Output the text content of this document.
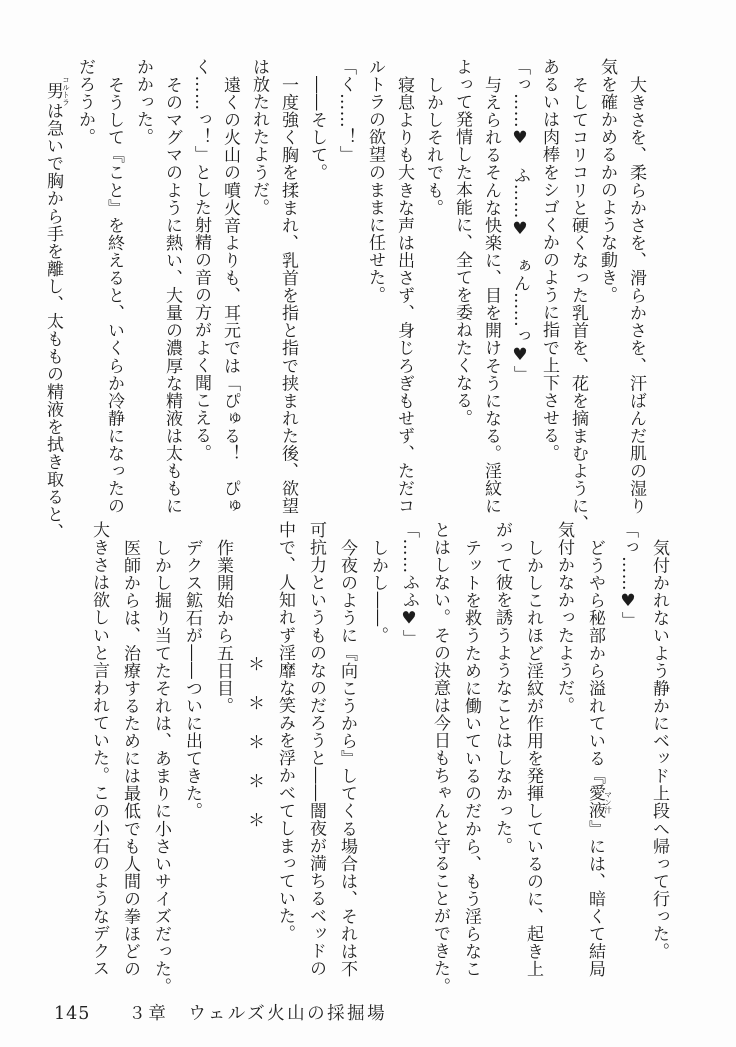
大きさを、柔らかさを、滑らかさを、汗ばんだ肌の湿り

気を確かめるかのような動き。

そしてコリコリと硬くなった乳首を、花を摘まむように、

あるいは肉棒をシゴくかのように指で上下させる。

「っ……♥　ふ……♥　ぁん……っ♥」

与えられるそんな快楽に、目を開けそうになる。淫紋に

よって発情した本能に、全てを委ねたくなる。

しかしそれでも。

寝息よりも大きな声は出さず、身じろぎもせず、ただコ

ルトラの欲望のままに任せた。

「く……！」

――そして。

一度強く胸を揉まれ、乳首を指と指で挟まれた後、欲望

は放たれたようだ。

遠くの火山の噴火音よりも、耳元では「ぴゅる！　ぴゅ

く……っ！」とした射精の音の方がよく聞こえる。

そのマグマのように熱い、大量の濃厚な精液は太ももに

かかった。

そうして『こと』を終えると、いくらか冷静になったの

だろうか。

男コルトラは急いで胸から手を離し、太ももの精液を拭き取ると、

気付かれないよう静かにベッド上段へ帰って行った。

「っ……♥」

どうやら秘部から溢れている『愛液マン汁』には、暗くて結局

気付かなかったようだ。

しかしこれほど淫紋が作用を発揮しているのに、起き上

がって彼を誘うようなことはしなかった。

テットを救うために働いているのだから、もう淫らなこ

とはしない。その決意は今日もちゃんと守ることができた。

「……ふふ♥」

しかし――。

今夜のように『向こうから』してくる場合は、それは不

可抗力というものなのだろうと――闇夜が満ちるベッドの

中で、人知れず淫靡な笑みを浮かべてしまっていた。

＊＊＊＊＊

作業開始から五日目。

デクス鉱石が――ついに出てきた。

しかし掘り当てたそれは、あまりに小さいサイズだった。

医師からは、治療するためには最低でも人間の拳ほどの

大きさは欲しいと言われていた。この小石のようなデクス

145 ３章　ウェルズ火山の採掘場
